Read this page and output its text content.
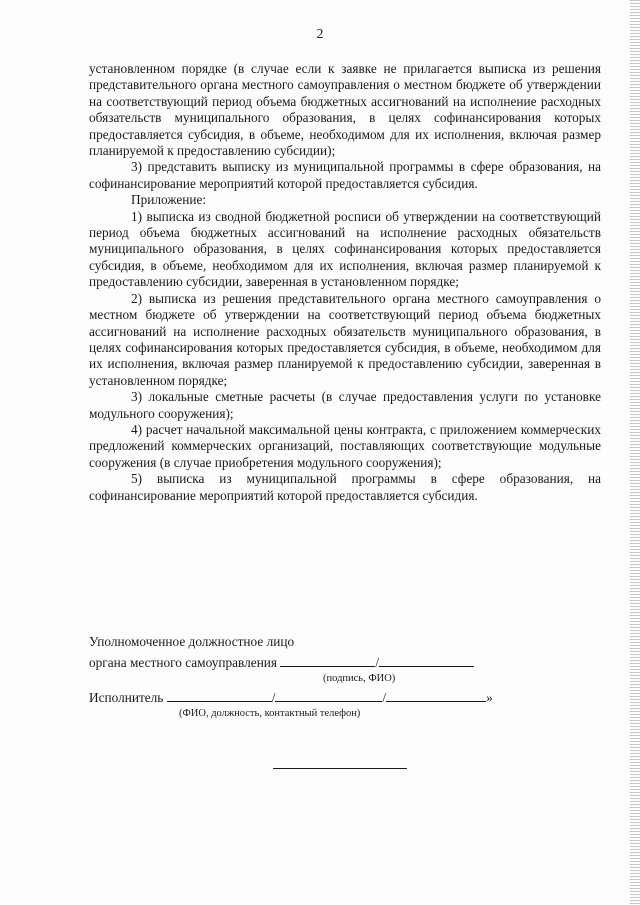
2

установленном порядке (в случае если к заявке не прилагается выписка из решения представительного органа местного самоуправления о местном бюджете об утверждении на соответствующий период объема бюджетных ассигнований на исполнение расходных обязательств муниципального образования, в целях софинансирования которых предоставляется субсидия, в объеме, необходимом для их исполнения, включая размер планируемой к предоставлению субсидии);

3) представить выписку из муниципальной программы в сфере образования, на софинансирование мероприятий которой предоставляется субсидия.

Приложение:

1) выписка из сводной бюджетной росписи об утверждении на соответствующий период объема бюджетных ассигнований на исполнение расходных обязательств муниципального образования, в целях софинансирования которых предоставляется субсидия, в объеме, необходимом для их исполнения, включая размер планируемой к предоставлению субсидии, заверенная в установленном порядке;

2) выписка из решения представительного органа местного самоуправления о местном бюджете об утверждении на соответствующий период объема бюджетных ассигнований на исполнение расходных обязательств муниципального образования, в целях софинансирования которых предоставляется субсидия, в объеме, необходимом для их исполнения, включая размер планируемой к предоставлению субсидии, заверенная в установленном порядке;

3) локальные сметные расчеты (в случае предоставления услуги по установке модульного сооружения);

4) расчет начальной максимальной цены контракта, с приложением коммерческих предложений коммерческих организаций, поставляющих соответствующие модульные сооружения (в случае приобретения модульного сооружения);

5) выписка из муниципальной программы в сфере образования, на софинансирование мероприятий которой предоставляется субсидия.

Уполномоченное должностное лицо
органа местного самоуправления	/
(подпись, ФИО)
Исполнитель	/	/	»
(ФИО, должность, контактный телефон)
